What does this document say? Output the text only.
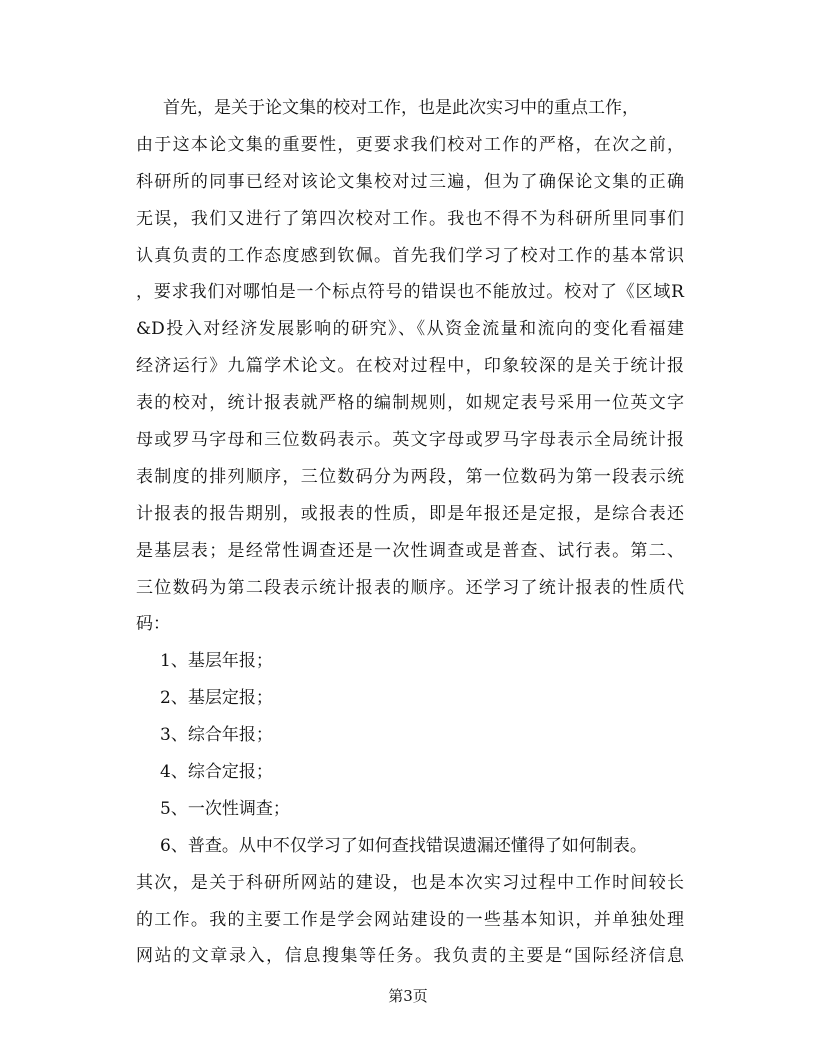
首先，是关于论文集的校对工作，也是此次实习中的重点工作，
由于这本论文集的重要性，更要求我们校对工作的严格，在次之前，
科研所的同事已经对该论文集校对过三遍，但为了确保论文集的正确
无误，我们又进行了第四次校对工作。我也不得不为科研所里同事们
认真负责的工作态度感到钦佩。首先我们学习了校对工作的基本常识
，要求我们对哪怕是一个标点符号的错误也不能放过。校对了《区域R
&D投入对经济发展影响的研究》、《从资金流量和流向的变化看福建
经济运行》九篇学术论文。在校对过程中，印象较深的是关于统计报
表的校对，统计报表就严格的编制规则，如规定表号采用一位英文字
母或罗马字母和三位数码表示。英文字母或罗马字母表示全局统计报
表制度的排列顺序，三位数码分为两段，第一位数码为第一段表示统
计报表的报告期别，或报表的性质，即是年报还是定报，是综合表还
是基层表；是经常性调查还是一次性调查或是普查、试行表。第二、
三位数码为第二段表示统计报表的顺序。还学习了统计报表的性质代
码：
1、基层年报；
2、基层定报；
3、综合年报；
4、综合定报；
5、一次性调查；
6、普查。从中不仅学习了如何查找错误遗漏还懂得了如何制表。
其次，是关于科研所网站的建设，也是本次实习过程中工作时间较长
的工作。我的主要工作是学会网站建设的一些基本知识，并单独处理
网站的文章录入，信息搜集等任务。我负责的主要是“国际经济信息
第3页
